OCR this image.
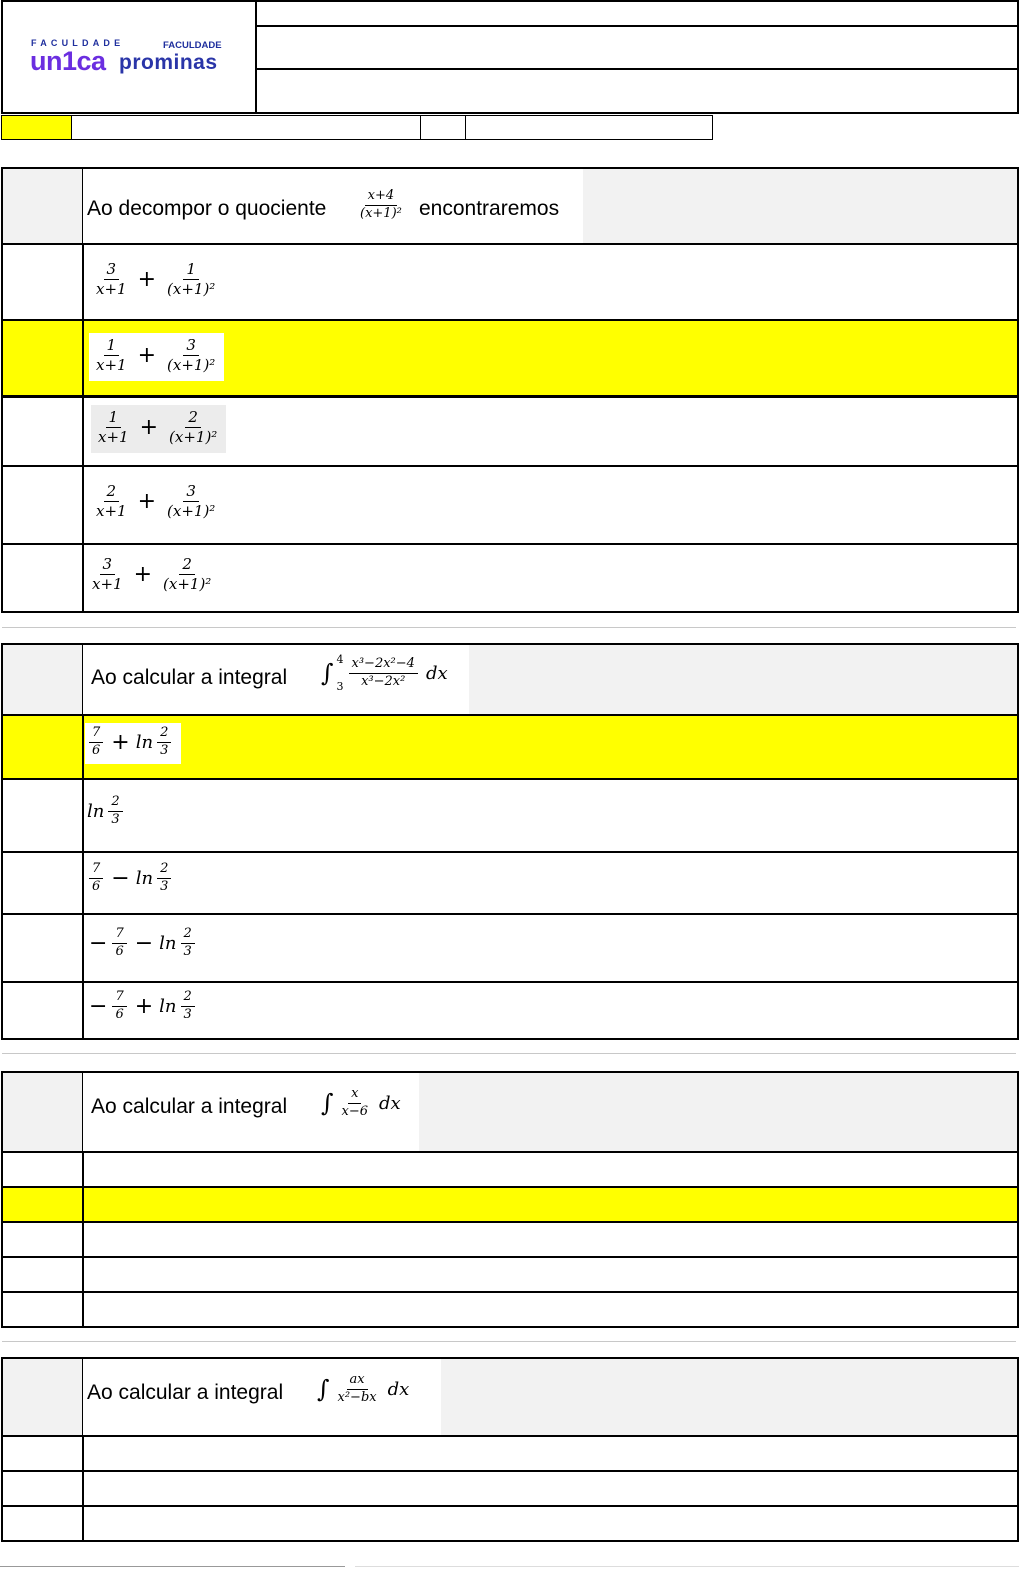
FACULDADE	FACULDADE
un1ca prominas
Ao decompor o quociente $\frac{x+4}{\text{(x+1)²}}$ encontraremos
$\frac{3}{x+1} + \frac{1}{\text{(x+1)²}}$
$\frac{1}{x+1} + \frac{3}{\text{(x+1)²}}$
$\frac{1}{x+1} + \frac{2}{\text{(x+1)²}}$
$\frac{2}{x+1} + \frac{3}{\text{(x+1)²}}$
$\frac{3}{x+1} + \frac{2}{\text{(x+1)²}}$
Ao calcular a integral ∫ 4
$3 \frac{\text{x³−2x²−4}}{\text{x³−2x²}}$ dx
$\frac{7}{6} + \ln \frac{2}{3}$
$\ln \frac{2}{3}$
$\frac{7}{6} - \ln \frac{2}{3}$
− $\frac{7}{6} - \ln \frac{2}{3}$
− $\frac{7}{6} + \ln \frac{2}{3}$
Ao calcular a integral ∫ $\frac{x}{x-6}$ dx
Ao calcular a integral ∫ $\frac{ax}{\text{x²−bx}}$ dx
